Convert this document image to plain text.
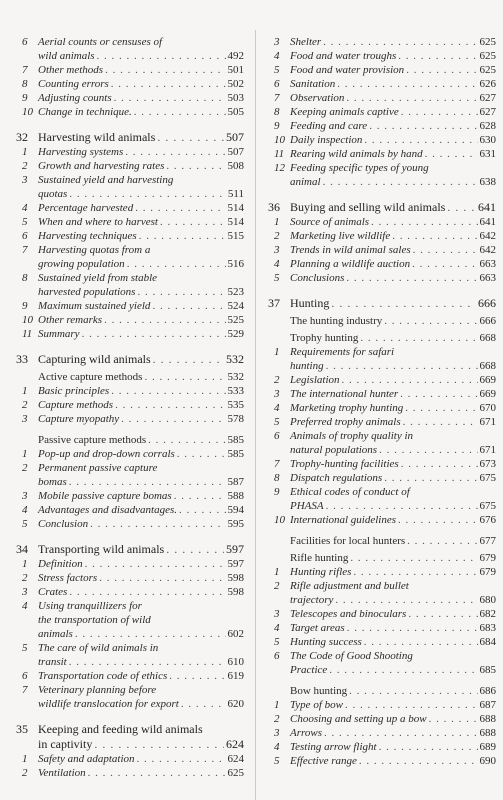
6 Aerial counts or censuses of
wild animals . . .	492
7 Other methods . . .	501
8 Counting errors . . .	502
9 Adjusting counts . . .	503
10 Change in technique. . . .	505
32 Harvesting wild animals . . .	507
1 Harvesting systems . . .	507
2 Growth and harvesting rates . . .	508
3 Sustained yield and harvesting
quotas . . .	511
4 Percentage harvested . . .	514
5 When and where to harvest . . .	514
6 Harvesting techniques . . .	515
7 Harvesting quotas from a
growing population . . .	516
8 Sustained yield from stable
harvested populations . . .	523
9 Maximum sustained yield . . .	524
10 Other remarks . . .	525
11 Summary . . .	529
33 Capturing wild animals . . .	532
Active capture methods . . .	532
1 Basic principles . . .	533
2 Capture methods . . .	535
3 Capture myopathy . . .	578
Passive capture methods . . .	585
1 Pop-up and drop-down corrals . . .	585
2 Permanent passive capture
bomas . . .	587
3 Mobile passive capture bomas . . .	588
4 Advantages and disadvantages. . . .	594
5 Conclusion . . .	595
34 Transporting wild animals . . .	597
1 Definition . . .	597
2 Stress factors . . .	598
3 Crates . . .	598
4 Using tranquillizers for
the transportation of wild
animals . . .	602
5 The care of wild animals in
transit . . .	610
6 Transportation code of ethics . . .	619
7 Veterinary planning before
wildlife translocation for export . . .	620
35 Keeping and feeding wild animals
in captivity . . .	624
1 Safety and adaptation . . .	624
2 Ventilation . . .	625
3 Shelter . . .	625
4 Food and water troughs . . .	625
5 Food and water provision . . .	625
6 Sanitation . . .	626
7 Observation . . .	627
8 Keeping animals captive . . .	627
9 Feeding and care . . .	628
10 Daily inspection . . .	630
11 Rearing wild animals by hand . . .	631
12 Feeding specific types of young
animal . . .	638
36 Buying and selling wild animals . . .	641
1 Source of animals . . .	641
2 Marketing live wildlife . . .	642
3 Trends in wild animal sales . . .	642
4 Planning a wildlife auction . . .	663
5 Conclusions . . .	663
37 Hunting . . .	666
The hunting industry . . .	666
Trophy hunting . . .	668
1 Requirements for safari
hunting . . .	668
2 Legislation . . .	669
3 The international hunter . . .	669
4 Marketing trophy hunting . . .	670
5 Preferred trophy animals . . .	671
6 Animals of trophy quality in
natural populations . . .	671
7 Trophy-hunting facilities . . .	673
8 Dispatch regulations . . .	675
9 Ethical codes of conduct of
PHASA . . .	675
10 International guidelines . . .	676
Facilities for local hunters . . .	677
Rifle hunting . . .	679
1 Hunting rifles . . .	679
2 Rifle adjustment and bullet
trajectory . . .	680
3 Telescopes and binoculars . . .	682
4 Target areas . . .	683
5 Hunting success . . .	684
6 The Code of Good Shooting
Practice . . .	685
Bow hunting . . .	686
1 Type of bow . . .	687
2 Choosing and setting up a bow . . .	688
3 Arrows . . .	688
4 Testing arrow flight . . .	689
5 Effective range . . .	690
